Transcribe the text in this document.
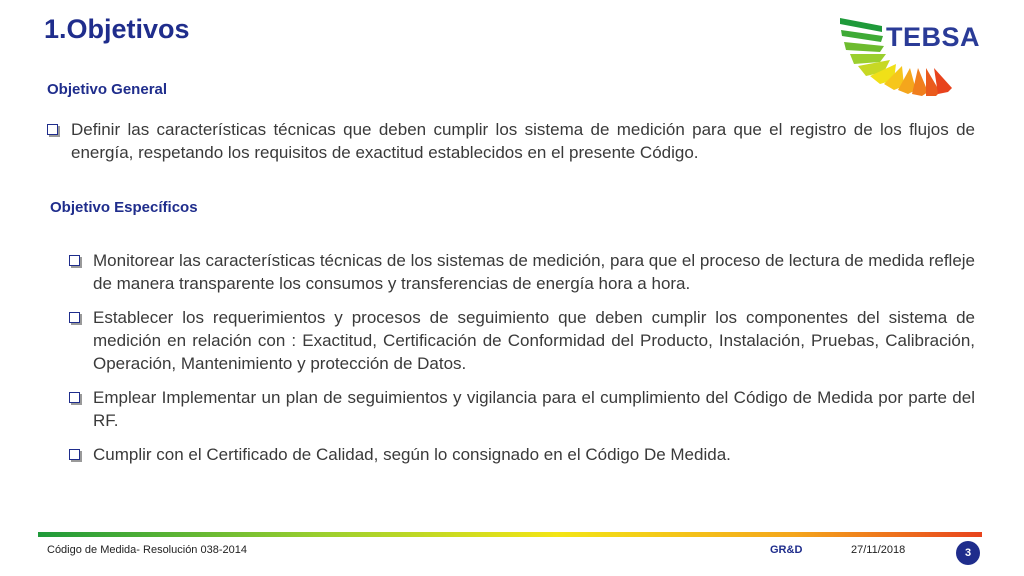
1.Objetivos	TEBSA
Objetivo General
Definir las características técnicas que deben cumplir los sistema de medición para que el registro de los flujos de energía, respetando los requisitos de exactitud establecidos en el presente Código.
Objetivo Específicos
Monitorear las características técnicas de los sistemas de medición, para que el proceso de lectura de medida refleje de manera transparente los consumos y transferencias de energía hora a hora.
Establecer los requerimientos y procesos de seguimiento que deben cumplir los componentes del sistema de medición en relación con : Exactitud, Certificación de Conformidad del Producto, Instalación, Pruebas, Calibración, Operación, Mantenimiento y protección de Datos.
Emplear Implementar un plan de seguimientos y vigilancia para el cumplimiento del Código de Medida por parte del RF.
Cumplir con el Certificado de Calidad, según lo consignado en el Código De Medida.
Código de Medida- Resolución 038-2014	GR&D	27/11/2018	3
